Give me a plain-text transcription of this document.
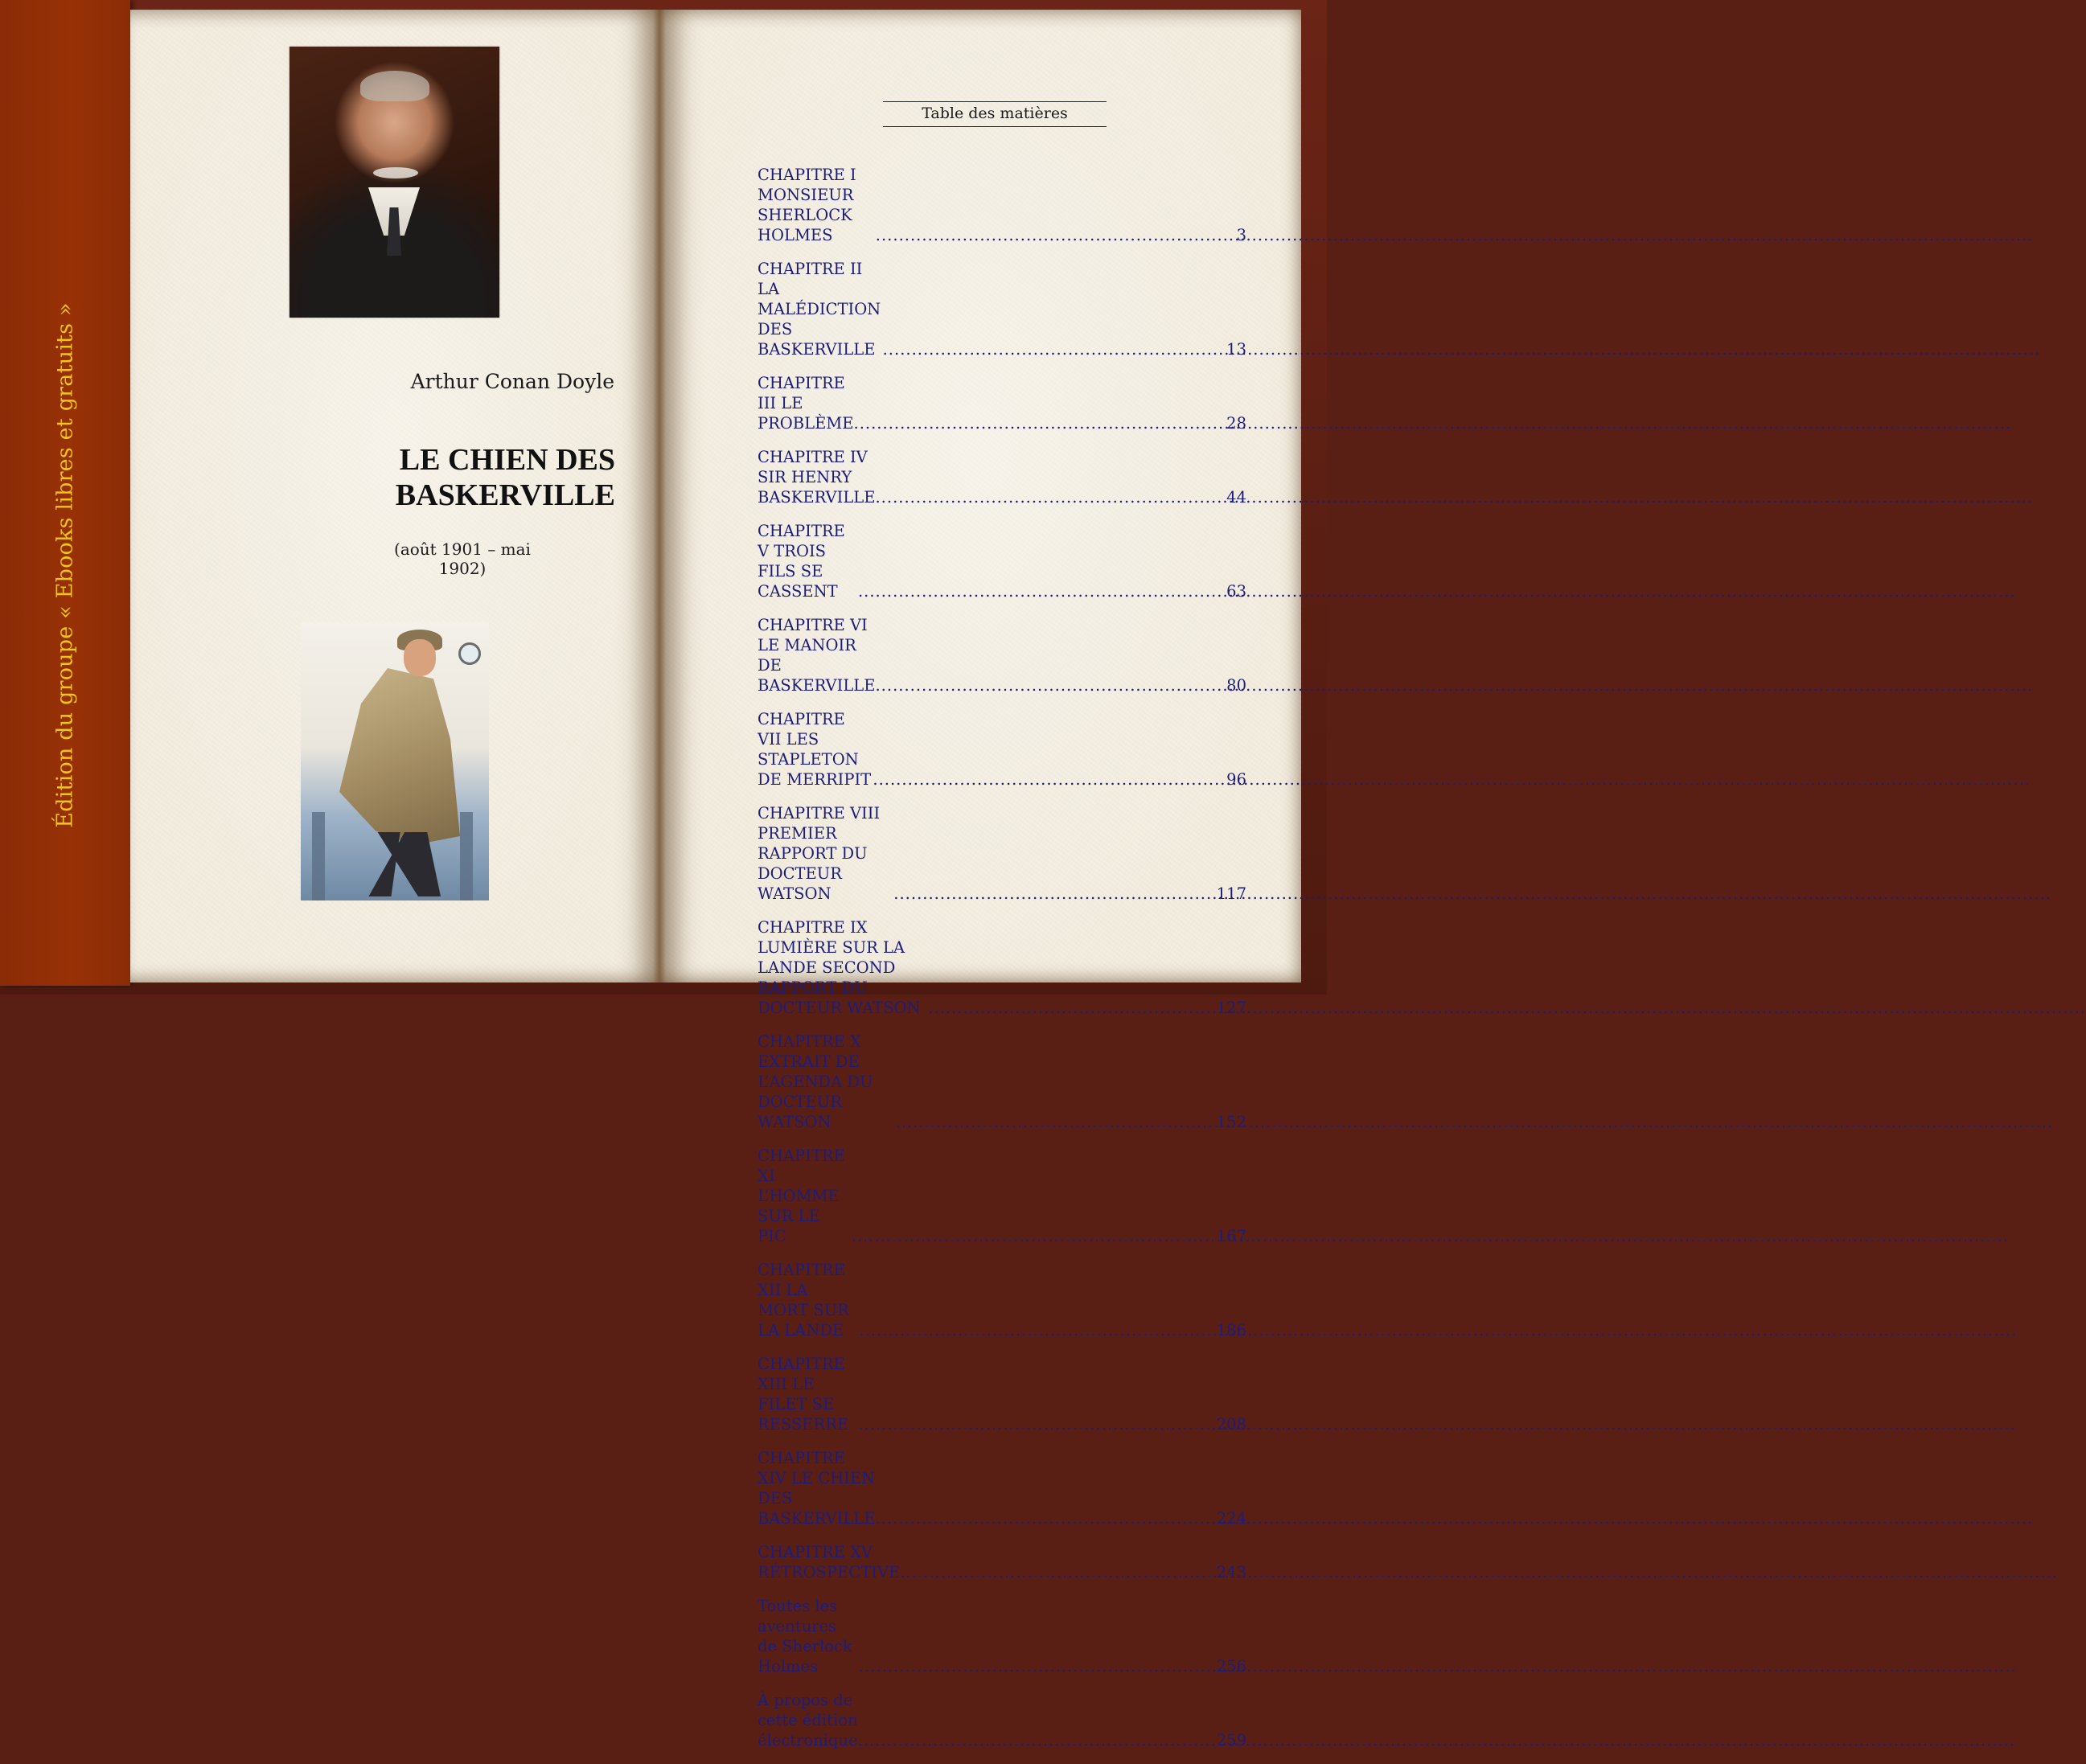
Édition du groupe « Ebooks libres et gratuits »	Arthur Conan Doyle
LE CHIEN DES
BASKERVILLE
(août 1901 – mai 1902)
Table des matières
CHAPITRE I MONSIEUR SHERLOCK HOLMES .....	3
CHAPITRE II LA MALÉDICTION DES BASKERVILLE .....	13
CHAPITRE III LE PROBLÈME .....	28
CHAPITRE IV SIR HENRY BASKERVILLE .....	44
CHAPITRE V TROIS FILS SE CASSENT .....	63
CHAPITRE VI LE MANOIR DE BASKERVILLE .....	80
CHAPITRE VII LES STAPLETON DE MERRIPIT .....	96
CHAPITRE VIII PREMIER RAPPORT DU DOCTEUR WATSON .....	117
CHAPITRE IX LUMIÈRE SUR LA LANDE SECOND RAPPORT DU DOCTEUR WATSON .....	127
CHAPITRE X EXTRAIT DE L’AGENDA DU DOCTEUR WATSON .....	152
CHAPITRE XI L’HOMME SUR LE PIC .....	167
CHAPITRE XII LA MORT SUR LA LANDE .....	186
CHAPITRE XIII LE FILET SE RESSERRE .....	208
CHAPITRE XIV LE CHIEN DES BASKERVILLE .....	224
CHAPITRE XV RÉTROSPECTIVE .....	243
Toutes les aventures de Sherlock Holmes .....	256
À propos de cette édition électronique .....	259
